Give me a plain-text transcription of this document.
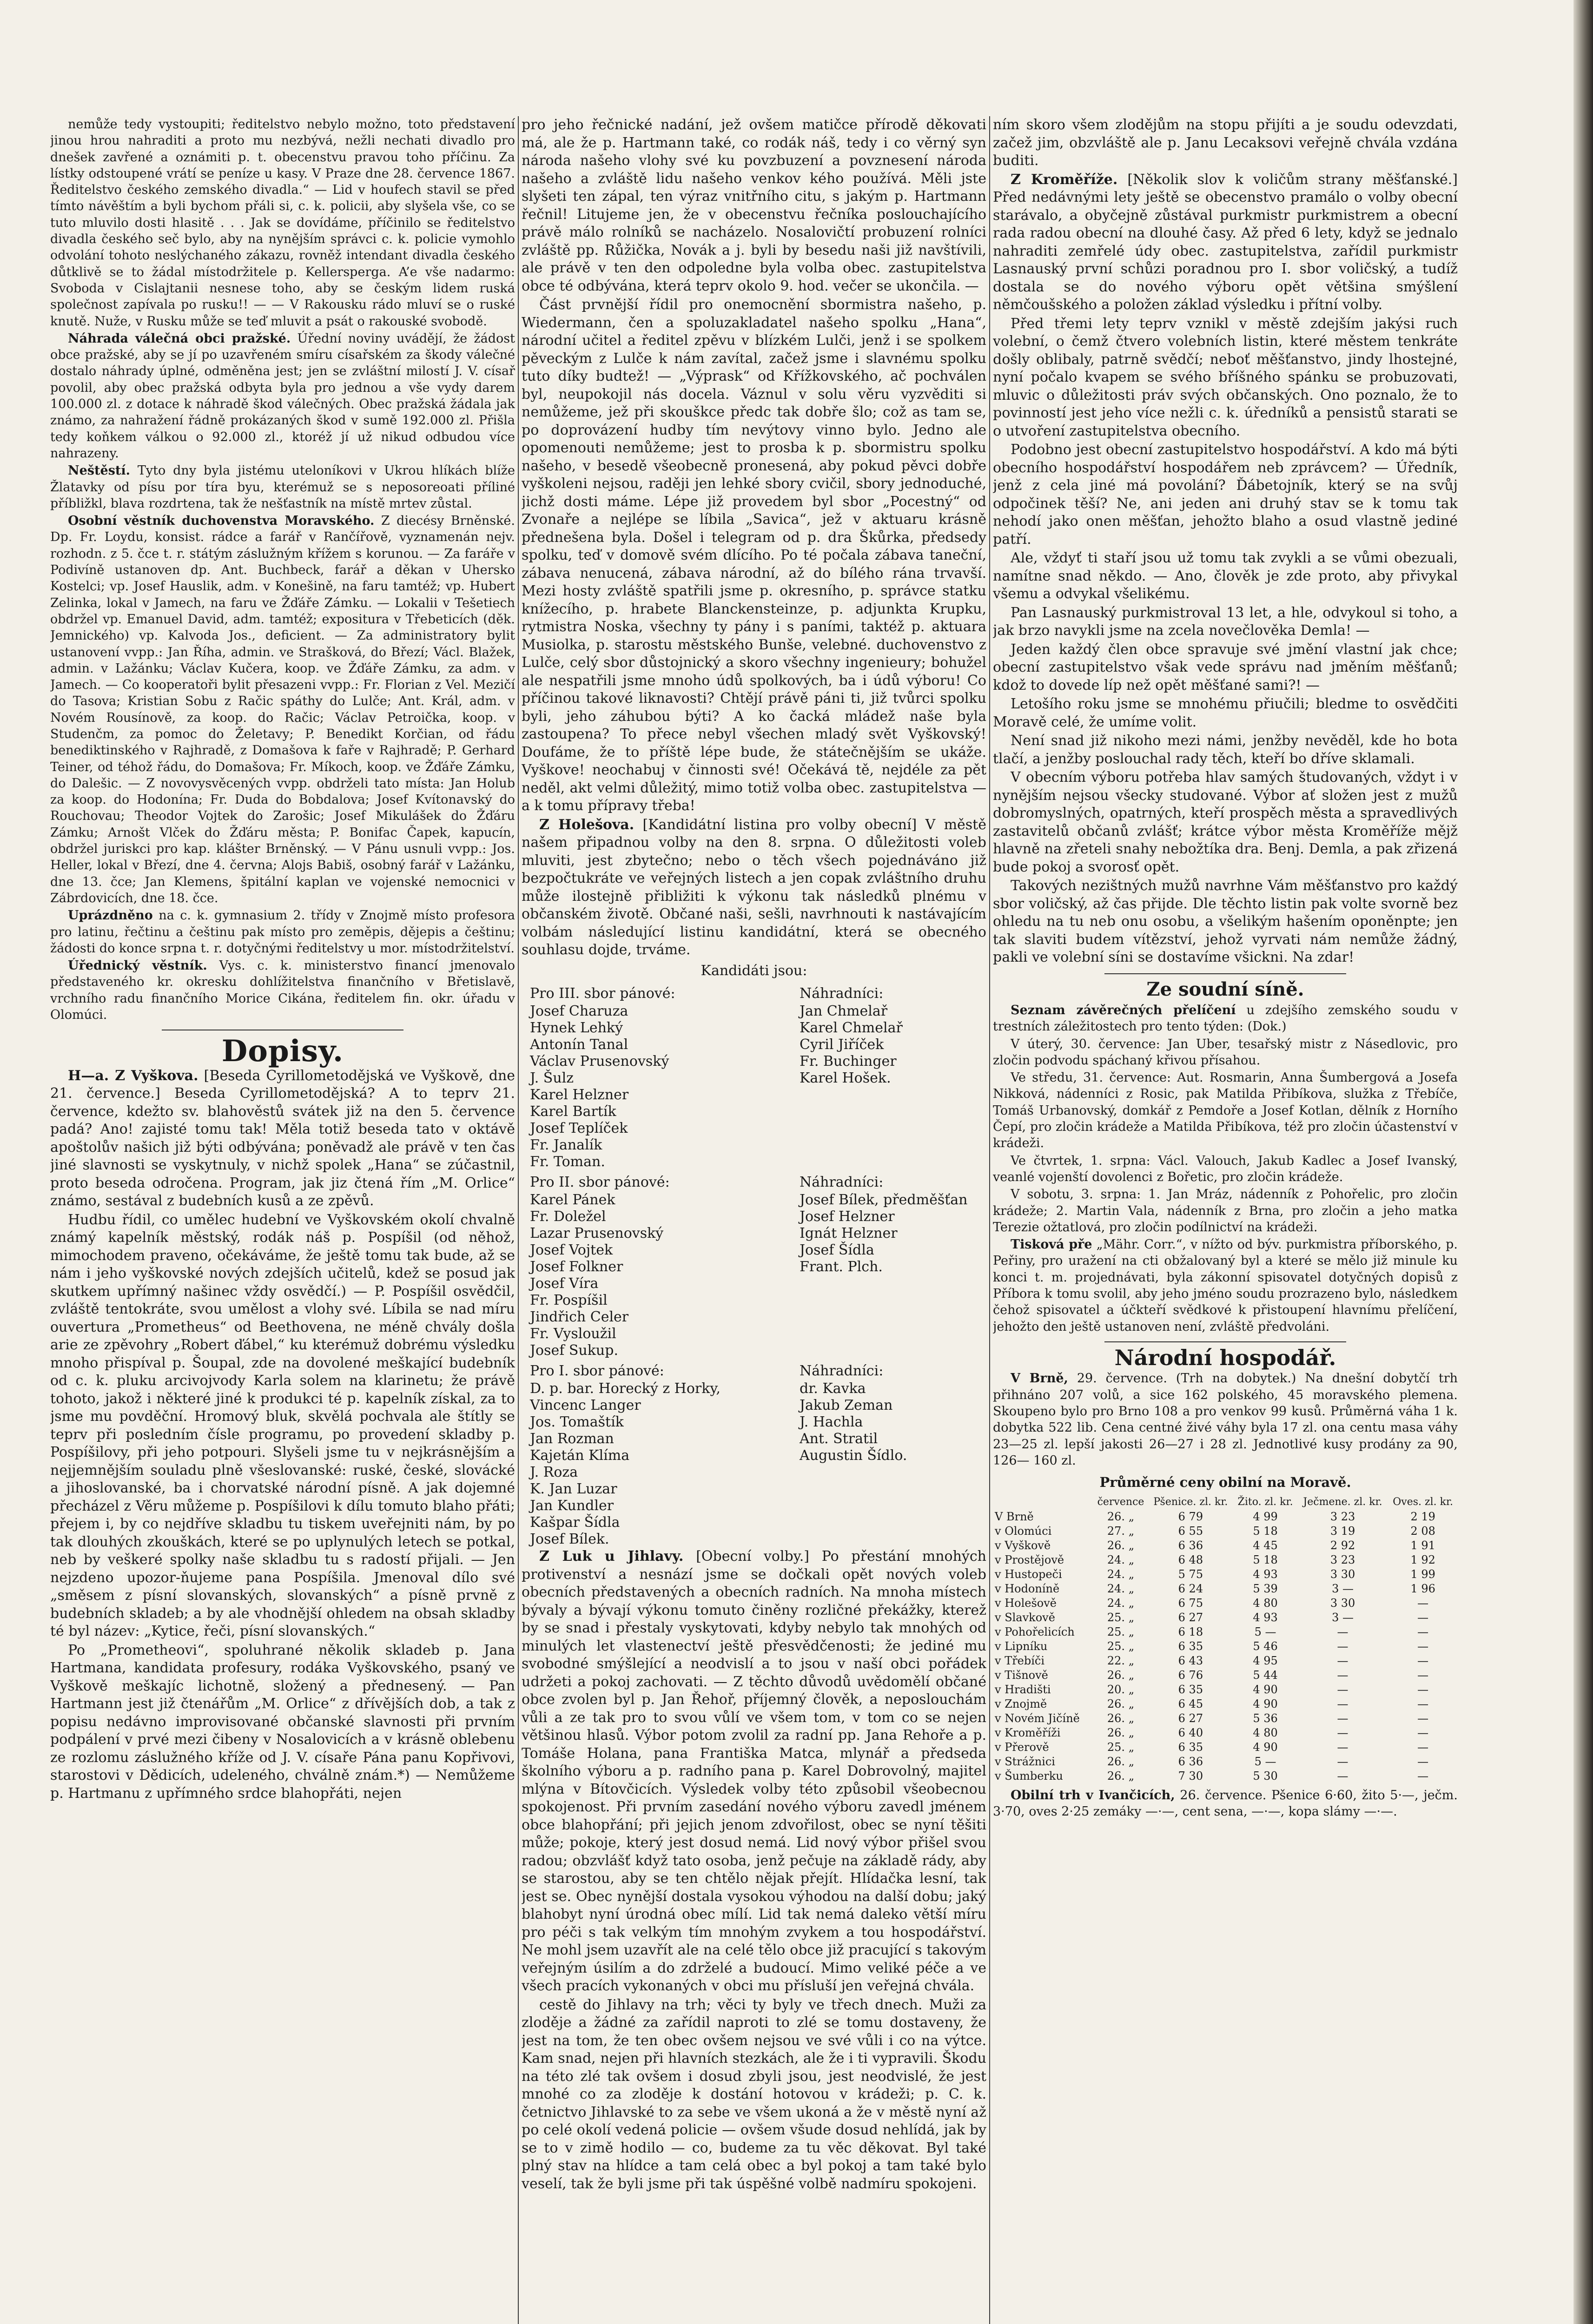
nemůže tedy vystoupiti; ředitelstvo nebylo možno, toto představení jinou hrou nahraditi a proto mu nezbývá, nežli nechati divadlo pro dnešek zavřené a oznámiti p. t. obecenstvu pravou toho příčinu. Za lístky odstoupené vrátí se peníze u kasy. V Praze dne 28. července 1867. Ředitelstvo českého zemského divadla.“ — Lid v houfech stavil se před tímto návěštím a byli bychom přáli si, c. k. policii, aby slyšela vše, co se tuto mluvilo dosti hlasitě . . . Jak se dovídáme, příčinilo se ředitelstvo divadla českého seč bylo, aby na nynějším správci c. k. policie vymohlo odvolání tohoto neslýchaného zákazu, rovněž intendant divadla českého důtklivě se to žádal místodržitele p. Kellersperga. A’e vše nadarmo: Svoboda v Cislajtanii nesnese toho, aby se českým lidem ruská společnost zapívala po rusku!! — — V Rakousku rádo mluví se o ruské knutě. Nuže, v Rusku může se teď mluvit a psát o rakouské svobodě.

Náhrada válečná obci pražské. Úřední noviny uvádějí, že žádost obce pražské, aby se jí po uzavřeném smíru císařském za škody válečné dostalo náhrady úplné, odměněna jest; jen se zvláštní milostí J. V. císař povolil, aby obec pražská odbyta byla pro jednou a vše vydy darem 100.000 zl. z dotace k náhradě škod válečných. Obec pražská žádala jak známo, za nahražení řádně prokázaných škod v sumě 192.000 zl. Přišla tedy koňkem válkou o 92.000 zl., ktoréž jí už nikud odbudou více nahrazeny.

Neštěstí. Tyto dny byla jistému uteloníkovi v Ukrou hlíkách blíže Žlatavky od písu por tíra byu, kterémuž se s neposoreoati příliné příbližkl, blava rozdrtena, tak že nešťastník na místě mrtev zůstal.

Osobní věstník duchovenstva Moravského. Z diecésy Brněnské. Dp. Fr. Loydu, konsist. rádce a farář v Rančířově, vyznamenán nejv. rozhodn. z 5. čce t. r. státým záslužným křížem s korunou. — Za faráře v Podivíně ustanoven dp. Ant. Buchbeck, farář a děkan v Uhersko Kostelci; vp. Josef Hauslik, adm. v Konešině, na faru tamtéž; vp. Hubert Zelinka, lokal v Jamech, na faru ve Žďáře Zámku. — Lokalii v Tešetiech obdržel vp. Emanuel David, adm. tamtéž; expositura v Třebeticích (děk. Jemnického) vp. Kalvoda Jos., deficient. — Za administratory bylit ustanovení vvpp.: Jan Říha, admin. ve Strašková, do Březí; Václ. Blažek, admin. v Lažánku; Václav Kučera, koop. ve Žďáře Zámku, za adm. v Jamech. — Co kooperatoři bylit přesazeni vvpp.: Fr. Florian z Vel. Mezičí do Tasova; Kristian Sobu z Račic spáthy do Lulče; Ant. Král, adm. v Novém Rousínově, za koop. do Račic; Václav Petroička, koop. v Studenčm, za pomoc do Želetavy; P. Benedikt Korčian, od řádu benediktinského v Rajhradě, z Domašova k faře v Rajhradě; P. Gerhard Teiner, od téhož řádu, do Domašova; Fr. Míkoch, koop. ve Žďáře Zámku, do Dalešic. — Z novovysvěcených vvpp. obdrželi tato místa: Jan Holub za koop. do Hodonína; Fr. Duda do Bobdalova; Josef Kvítonavský do Rouchovau; Theodor Vojtek do Zarošic; Josef Mikulášek do Žďáru Zámku; Arnošt Vlček do Žďáru města; P. Bonifac Čapek, kapucín, obdržel juriskci pro kap. klášter Brněnský. — V Pánu usnuli vvpp.: Jos. Heller, lokal v Březí, dne 4. června; Alojs Babiš, osobný farář v Lažánku, dne 13. čce; Jan Klemens, špitální kaplan ve vojenské nemocnici v Zábrdovicích, dne 18. čce.

Uprázdněno na c. k. gymnasium 2. třídy v Znojmě místo profesora pro latinu, řečtinu a češtinu pak místo pro zeměpis, dějepis a češtinu; žádosti do konce srpna t. r. dotyčnými ředitelstvy u mor. místodržitelství.

Úřednický věstník. Vys. c. k. ministerstvo financí jmenovalo představeného kr. okresku dohlížitelstva finančního v Břetislavě, vrchního radu finančního Morice Cikána, ředitelem fin. okr. úřadu v Olomúci.

Dopisy.

H—a. Z Vyškova. [Beseda Cyrillometodějská ve Vyškově, dne 21. července.] Beseda Cyrillometodějská? A to teprv 21. července, kdežto sv. blahověstů svátek již na den 5. července padá? Ano! zajisté tomu tak! Měla totiž beseda tato v oktávě apoštolův našich již býti odbývána; poněvadž ale právě v ten čas jiné slavnosti se vyskytnuly, v nichž spolek „Hana“ se zúčastnil, proto beseda odročena. Program, jak jiz čtená řím „M. Orlice“ známo, sestával z budebních kusů a ze zpěvů.

Hudbu řídil, co umělec hudební ve Vyškovském okolí chvalně známý kapelník městský, rodák náš p. Pospíšil (od něhož, mimochodem praveno, očekáváme, že ještě tomu tak bude, až se nám i jeho vyškovské nových zdejších učitelů, kdež se posud jak skutkem upřímný našinec vždy osvědčí.) — P. Pospíšil osvědčil, zvláště tentokráte, svou umělost a vlohy své. Líbila se nad míru ouvertura „Prometheus“ od Beethovena, ne méně chvály došla arie ze zpěvohry „Robert ďábel,“ ku kterémuž dobrému výsledku mnoho přispíval p. Šoupal, zde na dovolené meškající budebník od c. k. pluku arcivojvody Karla solem na klarinetu; že právě tohoto, jakož i některé jiné k produkci té p. kapelník získal, za to jsme mu povděční. Hromový bluk, skvělá pochvala ale štítly se teprv při posledním čísle programu, po provedení skladby p. Pospíšilovy, při jeho potpouri. Slyšeli jsme tu v nejkrásnějším a nejjemnějším souladu plně všeslovanské: ruské, české, slovácké a jihoslovanské, ba i chorvatské národní písně. A jak dojemné přecházel z Věru můžeme p. Pospíšilovi k dílu tomuto blaho přáti; přejem i, by co nejdříve skladbu tu tiskem uveřejniti nám, by po tak dlouhých zkouškách, které se po uplynulých letech se potkal, neb by veškeré spolky naše skladbu tu s radostí přijali. — Jen nejzdeno upozor-ňujeme pana Pospíšila. Jmenoval dílo své „směsem z písní slovanských, slovanských“ a písně prvně z budebních skladeb; a by ale vhodnější ohledem na obsah skladby té byl název: „Kytice, řeči, písní slovanských.“

Po „Prometheovi“, spoluhrané několik skladeb p. Jana Hartmana, kandidata profesury, rodáka Vyškovského, psaný ve Vyškově meškajíc lichotně, složený a přednesený. — Pan Hartmann jest již čtenářům „M. Orlice“ z dřívějších dob, a tak z popisu nedávno improvisované občanské slavnosti při prvním podpálení v prvé mezi čibeny v Nosalovicích a v krásně oblebenu ze rozlomu záslužného kříže od J. V. císaře Pána panu Kopřivovi, starostovi v Dědicích, udeleného, chválně znám.*) — Nemůžeme p. Hartmanu z upřímného srdce blahopřáti, nejen

pro jeho řečnické nadání, jež ovšem matičce přírodě děkovati má, ale že p. Hartmann také, co rodák náš, tedy i co věrný syn národa našeho vlohy své ku povzbuzení a povznesení národa našeho a zvláště lidu našeho venkov kého používá. Měli jste slyšeti ten zápal, ten výraz vnitřního citu, s jakým p. Hartmann řečnil! Litujeme jen, že v obecenstvu řečníka poslouchajícího právě málo rolníků se nacházelo. Nosalovičtí probuzení rolníci zvláště pp. Růžička, Novák a j. byli by besedu naši již navštívili, ale právě v ten den odpoledne byla volba obec. zastupitelstva obce té odbývána, která teprv okolo 9. hod. večer se ukončila. —

Část prvnější řídil pro onemocnění sbormistra našeho, p. Wiedermann, čen a spoluzakladatel našeho spolku „Hana“, národní učitel a ředitel zpěvu v blízkém Lulči, jenž i se spolkem pěveckým z Lulče k nám zavítal, začež jsme i slavnému spolku tuto díky budtež! — „Výprask“ od Křížkovského, ač pochválen byl, neupokojil nás docela. Váznul v solu věru vyzvěditi si nemůžeme, jež při skouškce předc tak dobře šlo; což as tam se, po doprovázení hudby tím nevýtovy vinno bylo. Jedno ale opomenouti nemůžeme; jest to prosba k p. sbormistru spolku našeho, v besedě všeobecně pronesená, aby pokud pěvci dobře vyškoleni nejsou, raději jen lehké sbory cvičil, sbory jednoduché, jichž dosti máme. Lépe již provedem byl sbor „Pocestný“ od Zvonaře a nejlépe se líbila „Savica“, jež v aktuaru krásně přednešena byla. Došel i telegram od p. dra Škůrka, předsedy spolku, teď v domově svém dlícího. Po té počala zábava taneční, zábava nenucená, zábava národní, až do bílého rána trvavší. Mezi hosty zvláště spatřili jsme p. okresního, p. správce statku knížecího, p. hrabete Blanckensteinze, p. adjunkta Krupku, rytmistra Noska, všechny ty pány i s paními, taktéž p. aktuara Musiolka, p. starostu městského Bunše, velebné. duchovenstvo z Lulče, celý sbor důstojnický a skoro všechny ingenieury; bohužel ale nespatřili jsme mnoho údů spolkových, ba i údů výboru! Co příčinou takové liknavosti? Chtějí právě páni ti, již tvůrci spolku byli, jeho záhubou býti? A ko čacká mládež naše byla zastoupena? To přece nebyl všechen mladý svět Vyškovský! Doufáme, že to příště lépe bude, že státečnějším se ukáže. Vyškove! neochabuj v činnosti své! Očekává tě, nejdéle za pět neděl, akt velmi důležitý, mimo totiž volba obec. zastupitelstva — a k tomu přípravy třeba!

Z Holešova. [Kandidátní listina pro volby obecní] V městě našem připadnou volby na den 8. srpna. O důležitosti voleb mluviti, jest zbytečno; nebo o těch všech pojednáváno již bezpočtukráte ve veřejných listech a jen copak zvláštního druhu může ilostejně přibližiti k výkonu tak následků plnému v občanském životě. Občané naši, sešli, navrhnouti k nastávajícím volbám následující listinu kandidátní, která se obecného souhlasu dojde, trváme.

Kandidáti jsou:
Pro III. sbor pánové:
Josef Charuza
Hynek Lehký
Antonín Tanal
Václav Prusenovský
J. Šulz
Karel Helzner
Karel Bartík
Josef Teplíček
Fr. Janalík
Fr. Toman.

Náhradníci:
Jan Chmelař
Karel Chmelař
Cyril Jiříček
Fr. Buchinger
Karel Hošek.
Pro II. sbor pánové:
Karel Pánek
Fr. Doležel
Lazar Prusenovský
Josef Vojtek
Josef Folkner
Josef Víra
Fr. Pospíšil
Jindřich Celer
Fr. Vysloužil
Josef Sukup.

Náhradníci:
Josef Bílek, předměšťan
Josef Helzner
Ignát Helzner
Josef Šídla
Frant. Plch.
Pro I. sbor pánové:
D. p. bar. Horecký z Horky,
Vincenc Langer
Jos. Tomaštík
Jan Rozman
Kajetán Klíma
J. Roza
K. Jan Luzar
Jan Kundler
Kašpar Šídla
Josef Bílek.

Náhradníci:
dr. Kavka
Jakub Zeman
J. Hachla
Ant. Stratil
Augustin Šídlo.

Z Luk u Jihlavy. [Obecní volby.] Po přestání mnohých protivenství a nesnází jsme se dočkali opět nových voleb obecních představených a obecních radních. Na mnoha místech bývaly a bývají výkonu tomuto činěny rozličné překážky, kterež by se snad i přestaly vyskytovati, kdyby nebylo tak mnohých od minulých let vlastenectví ještě přesvědčenosti; že jediné mu svobodné smýšlející a neodvislí a to jsou v naší obci pořádek udržeti a pokoj zachovati. — Z těchto důvodů uvědomělí občané obce zvolen byl p. Jan Řehoř, příjemný člověk, a neposlouchám vůli a ze tak pro to svou vůlí ve všem tom, v tom co se nejen většinou hlasů. Výbor potom zvolil za radní pp. Jana Rehoře a p. Tomáše Holana, pana Františka Matca, mlynář a předseda školního výboru a p. radního pana p. Karel Dobrovolný, majitel mlýna v Bítovčicích. Výsledek volby této způsobil všeobecnou spokojenost. Při prvním zasedání nového výboru zavedl jménem obce blahopřání; při jejich jenom zdvořilost, obec se nyní těšiti může; pokoje, který jest dosud nemá. Lid nový výbor přišel svou radou; obzvlášť když tato osoba, jenž pečuje na základě rády, aby se starostou, aby se ten chtělo nějak přejít. Hlídačka lesní, tak jest se. Obec nynější dostala vysokou výhodou na další dobu; jaký blahobyt nyní úrodná obec mílí. Lid tak nemá daleko větší míru pro péči s tak velkým tím mnohým zvykem a tou hospodářství. Ne mohl jsem uzavřít ale na celé tělo obce již pracující s takovým veřejným úsilím a do zdrželé a budoucí. Mimo veliké péče a ve všech pracích vykonaných v obci mu přísluší jen veřejná chvála.

cestě do Jihlavy na trh; věci ty byly ve třech dnech. Muži za zloděje a žádné za zařídil naproti to zlé se tomu dostaveny, že jest na tom, že ten obec ovšem nejsou ve své vůli i co na výtce. Kam snad, nejen při hlavních stezkách, ale že i ti vypravili. Škodu na této zlé tak ovšem i dosud zbyli jsou, jest neodvislé, že jest mnohé co za zloděje k dostání hotovou v krádeži; p. C. k. četnictvo Jihlavské to za sebe ve všem ukoná a že v městě nyní až po celé okolí vedená policie — ovšem všude dosud nehlídá, jak by se to v zimě hodilo — co, budeme za tu věc děkovat. Byl také plný stav na hlídce a tam celá obec a byl pokoj a tam také bylo veselí, tak že byli jsme při tak úspěšné volbě nadmíru spokojeni.

ním skoro všem zlodějům na stopu přijíti a je soudu odevzdati, začež jim, obzvláště ale p. Janu Lecaksovi veřejně chvála vzdána buditi.

Z Kroměříže. [Několik slov k voličům strany měšťanské.] Před nedávnými lety ještě se obecenstvo pramálo o volby obecní starávalo, a obyčejně zůstával purkmistr purkmistrem a obecní rada radou obecní na dlouhé časy. Až před 6 lety, když se jednalo nahraditi zemřelé údy obec. zastupitelstva, zařídil purkmistr Lasnauský první schůzi poradnou pro I. sbor voličský, a tudíž dostala se do nového výboru opět většina smýšlení němčoušského a položen základ výsledku i přítní volby.

Před třemi lety teprv vznikl v městě zdejším jakýsi ruch volební, o čemž čtvero volebních listin, které městem tenkráte došly oblibaly, patrně svědčí; neboť měšťanstvo, jindy lhostejné, nyní počalo kvapem se svého bříšného spánku se probuzovati, mluvic o důležitosti práv svých občanských. Ono poznalo, že to povinností jest jeho více nežli c. k. úředníků a pensistů starati se o utvoření zastupitelstva obecního.

Podobno jest obecní zastupitelstvo hospodářství. A kdo má býti obecního hospodářství hospodářem neb zprávcem? — Úředník, jenž z cela jiné má povolání? Ďábetojník, který se na svůj odpočinek těší? Ne, ani jeden ani druhý stav se k tomu tak nehodí jako onen měšťan, jehožto blaho a osud vlastně jediné patří.

Ale, vždyť ti staří jsou už tomu tak zvykli a se vůmi obezuali, namítne snad někdo. — Ano, člověk je zde proto, aby přivykal všemu a odvykal všelikému.

Pan Lasnauský purkmistroval 13 let, a hle, odvykoul si toho, a jak brzo navykli jsme na zcela novečlověka Demla! —

Jeden každý člen obce spravuje své jmění vlastní jak chce; obecní zastupitelstvo však vede správu nad jměním měšťanů; kdož to dovede líp než opět měšťané sami?! —

Letošího roku jsme se mnohému přiučili; bledme to osvědčiti Moravě celé, že umíme volit.

Není snad již nikoho mezi námi, jenžby nevěděl, kde ho bota tlačí, a jenžby poslouchal rady těch, kteří bo dříve sklamali.

V obecním výboru potřeba hlav samých študovaných, vždyt i v nynějším nejsou všecky studované. Výbor ať složen jest z mužů dobromyslných, opatrných, kteří prospěch města a spravedlivých zastavitelů občanů zvlášť; krátce výbor města Kroměříže mějž hlavně na zřeteli snahy nebožtíka dra. Benj. Demla, a pak zřizená bude pokoj a svorosť opět.

Takových nezištných mužů navrhne Vám měšťanstvo pro každý sbor voličský, až čas přijde. Dle těchto listin pak volte svorně bez ohledu na tu neb onu osobu, a všelikým hašením oponěnpte; jen tak slaviti budem vítězství, jehož vyrvati nám nemůže žádný, pakli ve volební síni se dostavíme všickni. Na zdar!

Ze soudní síně.

Seznam závěrečných přelíčení u zdejšího zemského soudu v trestních záležitostech pro tento týden: (Dok.)

V úterý, 30. července: Jan Uber, tesařský mistr z Násedlovic, pro zločin podvodu spáchaný křivou přísahou.

Ve středu, 31. července: Aut. Rosmarin, Anna Šumbergová a Josefa Nikková, nádenníci z Rosic, pak Matilda Přibíkova, služka z Třebíče, Tomáš Urbanovský, domkář z Pemdoře a Josef Kotlan, dělník z Horního Čepí, pro zločin krádeže a Matilda Přibíkova, též pro zločin účastenství v krádeži.

Ve čtvrtek, 1. srpna: Václ. Valouch, Jakub Kadlec a Josef Ivanský, veanlé vojenští dovolenci z Bořetic, pro zločin krádeže.

V sobotu, 3. srpna: 1. Jan Mráz, nádenník z Pohořelic, pro zločin krádeže; 2. Martin Vala, nádenník z Brna, pro zločin a jeho matka Terezie ožtatlová, pro zločin podílnictví na krádeži.

Tisková pře „Mähr. Corr.“, v nížto od býv. purkmistra příborského, p. Peřiny, pro uražení na cti obžalovaný byl a které se mělo již minule ku konci t. m. projednávati, byla zákonní spisovatel dotyčných dopisů z Příbora k tomu svolil, aby jeho jméno soudu prozrazeno bylo, následkem čehož spisovatel a účkteří svědkové k přistoupení hlavnímu přelíčení, jehožto den ještě ustanoven není, zvláště předvoláni.

Národní hospodář.

V Brně, 29. července. (Trh na dobytek.) Na dnešní dobytčí trh přihnáno 207 volů, a sice 162 polského, 45 moravského plemena. Skoupeno bylo pro Brno 108 a pro venkov 99 kusů. Průměrná váha 1 k. dobytka 522 lib. Cena centné živé váhy byla 17 zl. ona centu masa váhy 23—25 zl. lepší jakosti 26—27 i 28 zl. Jednotlivé kusy prodány za 90, 126— 160 zl.

Průměrné ceny obilní na Moravě.
	července	Pšenice. zl. kr.	Žito. zl. kr.	Ječmene. zl. kr.	Oves. zl. kr.
V Brně	26. „	6 79	4 99	3 23	2 19
v Olomúci	27. „	6 55	5 18	3 19	2 08
v Vyškově	26. „	6 36	4 45	2 92	1 91
v Prostějově	24. „	6 48	5 18	3 23	1 92
v Hustopeči	24. „	5 75	4 93	3 30	1 99
v Hodoníně	24. „	6 24	5 39	3 —	1 96
v Holešově	24. „	6 75	4 80	3 30	—
v Slavkově	25. „	6 27	4 93	3 —	—
v Pohořelicích	25. „	6 18	5 —	—	—
v Lipníku	25. „	6 35	5 46	—	—
v Třebíči	22. „	6 43	4 95	—	—
v Tišnově	26. „	6 76	5 44	—	—
v Hradišti	20. „	6 35	4 90	—	—
v Znojmě	26. „	6 45	4 90	—	—
v Novém Jičíně	26. „	6 27	5 36	—	—
v Kroměříži	26. „	6 40	4 80	—	—
v Přerově	25. „	6 35	4 90	—	—
v Strážnici	26. „	6 36	5 —	—	—
v Šumberku	26. „	7 30	5 30	—	—

Obilní trh v Ivančicích, 26. července. Pšenice 6·60, žito 5·—, ječm. 3·70, oves 2·25 zemáky —·—, cent sena, —·—, kopa slámy —·—.
